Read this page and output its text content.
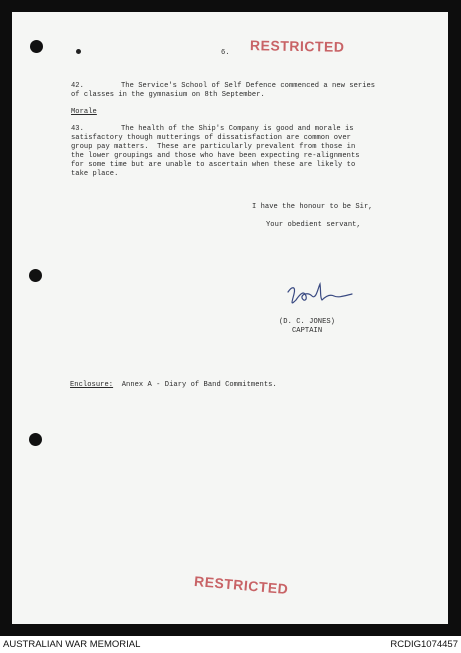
6. RESTRICTED
42.	The Service's School of Self Defence commenced a new series
of classes in the gymnasium on 8th September.
Morale
43.	The health of the Ship's Company is good and morale is
satisfactory though mutterings of dissatisfaction are common over
group pay matters.  These are particularly prevalent from those in
the lower groupings and those who have been expecting re-alignments
for some time but are unable to ascertain when these are likely to
take place.
I have the honour to be Sir,
Your obedient servant,
(D. C. JONES)
CAPTAIN
Enclosure: Annex A - Diary of Band Commitments.
RESTRICTED
AUSTRALIAN WAR MEMORIAL	RCDIG1074457
